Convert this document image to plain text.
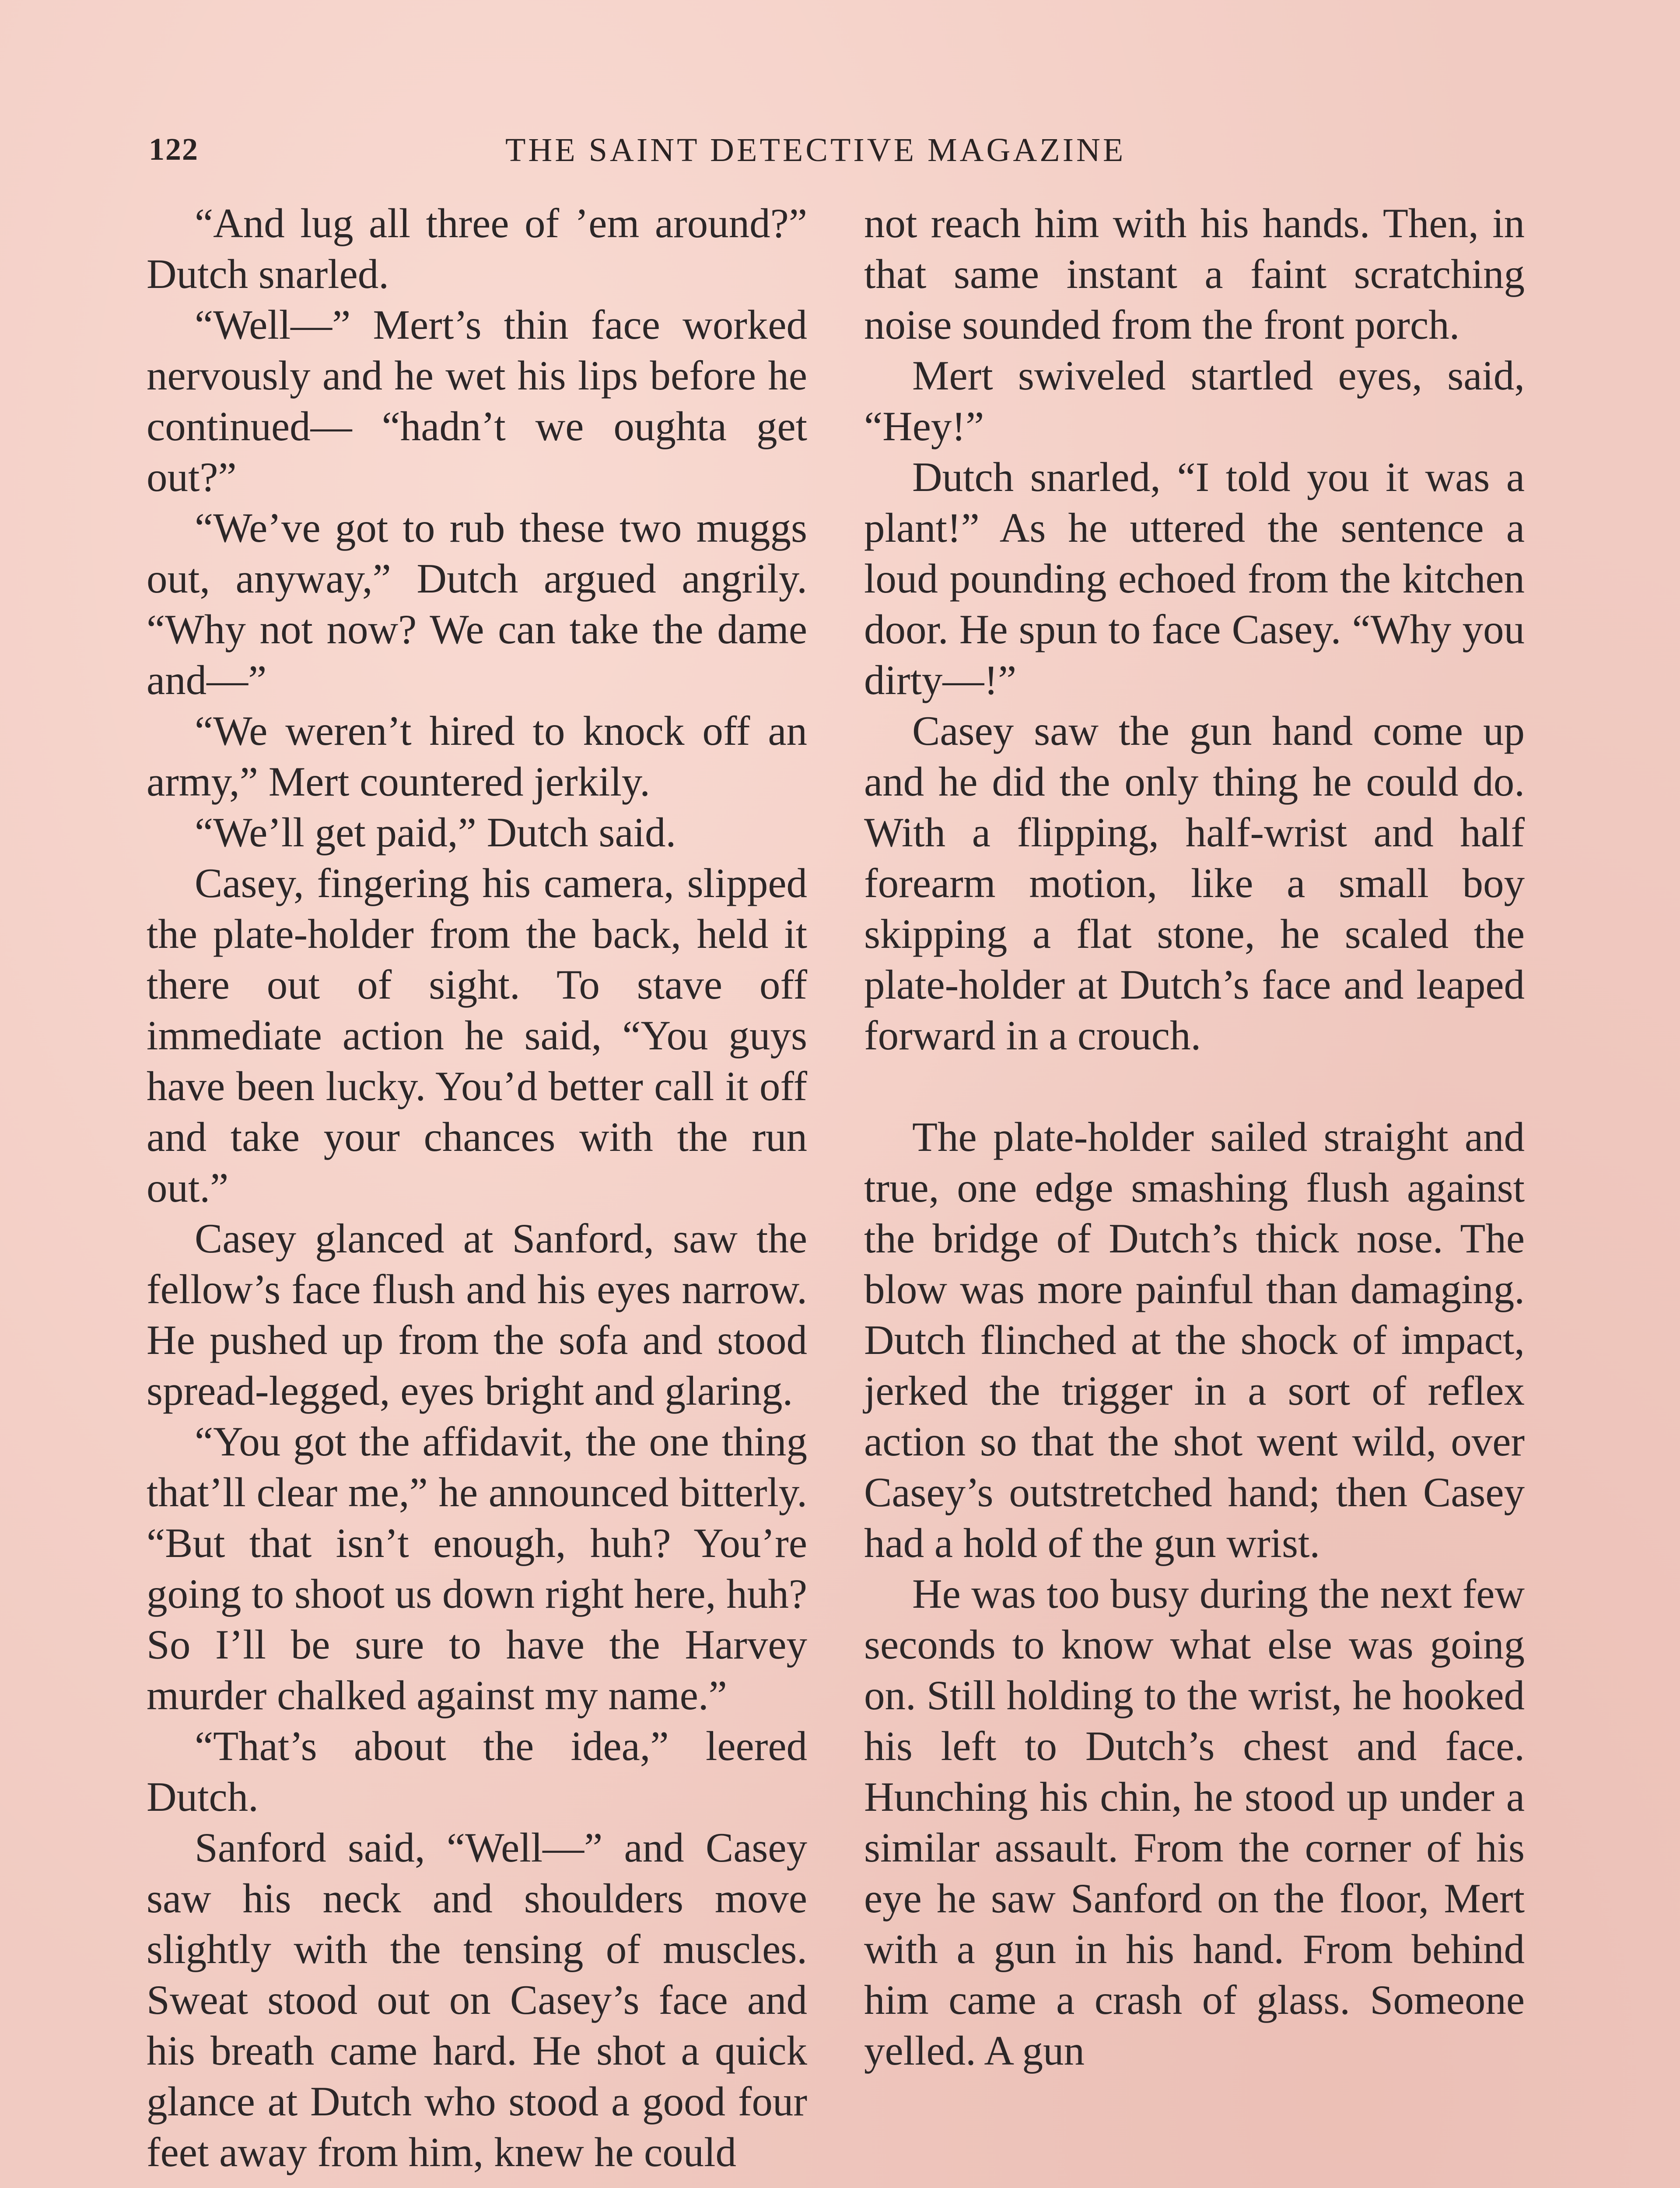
122	THE SAINT DETECTIVE MAGAZINE

“And lug all three of ’em around?” Dutch snarled.

“Well—” Mert’s thin face worked nervously and he wet his lips before he continued— “hadn’t we oughta get out?”

“We’ve got to rub these two muggs out, anyway,” Dutch argued angrily. “Why not now? We can take the dame and—”

“We weren’t hired to knock off an army,” Mert countered jerkily.

“We’ll get paid,” Dutch said.

Casey, fingering his camera, slipped the plate-holder from the back, held it there out of sight. To stave off immediate action he said, “You guys have been lucky. You’d better call it off and take your chances with the run out.”

Casey glanced at Sanford, saw the fellow’s face flush and his eyes narrow. He pushed up from the sofa and stood spread-legged, eyes bright and glaring.

“You got the affidavit, the one thing that’ll clear me,” he announced bitterly. “But that isn’t enough, huh? You’re going to shoot us down right here, huh? So I’ll be sure to have the Harvey murder chalked against my name.”

“That’s about the idea,” leered Dutch.

Sanford said, “Well—” and Casey saw his neck and shoulders move slightly with the tensing of muscles. Sweat stood out on Casey’s face and his breath came hard. He shot a quick glance at Dutch who stood a good four feet away from him, knew he could

not reach him with his hands. Then, in that same instant a faint scratching noise sounded from the front porch.

Mert swiveled startled eyes, said, “Hey!”

Dutch snarled, “I told you it was a plant!” As he uttered the sentence a loud pounding echoed from the kitchen door. He spun to face Casey. “Why you dirty—!”

Casey saw the gun hand come up and he did the only thing he could do. With a flipping, half-wrist and half forearm motion, like a small boy skipping a flat stone, he scaled the plate-holder at Dutch’s face and leaped forward in a crouch.

The plate-holder sailed straight and true, one edge smashing flush against the bridge of Dutch’s thick nose. The blow was more painful than damaging. Dutch flinched at the shock of impact, jerked the trigger in a sort of reflex action so that the shot went wild, over Casey’s outstretched hand; then Casey had a hold of the gun wrist.

He was too busy during the next few seconds to know what else was going on. Still holding to the wrist, he hooked his left to Dutch’s chest and face. Hunching his chin, he stood up under a similar assault. From the corner of his eye he saw Sanford on the floor, Mert with a gun in his hand. From behind him came a crash of glass. Someone yelled. A gun
